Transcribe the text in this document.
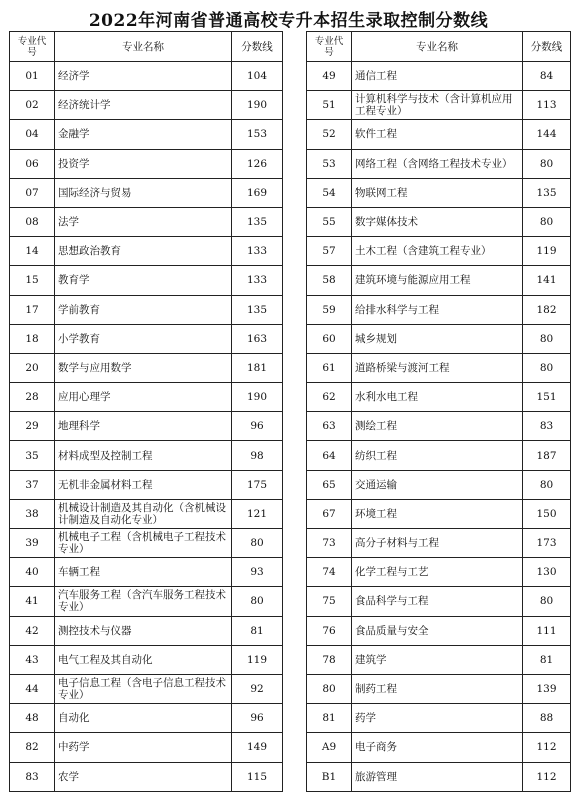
2022年河南省普通高校专升本招生录取控制分数线
专业代号	专业名称	分数线
01	经济学	104
02	经济统计学	190
04	金融学	153
06	投资学	126
07	国际经济与贸易	169
08	法学	135
14	思想政治教育	133
15	教育学	133
17	学前教育	135
18	小学教育	163
20	数学与应用数学	181
28	应用心理学	190
29	地理科学	96
35	材料成型及控制工程	98
37	无机非金属材料工程	175
38	机械设计制造及其自动化（含机械设计制造及自动化专业）	121
39	机械电子工程（含机械电子工程技术专业）	80
40	车辆工程	93
41	汽车服务工程（含汽车服务工程技术专业）	80
42	测控技术与仪器	81
43	电气工程及其自动化	119
44	电子信息工程（含电子信息工程技术专业）	92
48	自动化	96
82	中药学	149
83	农学	115
专业代号	专业名称	分数线
49	通信工程	84
51	计算机科学与技术（含计算机应用工程专业）	113
52	软件工程	144
53	网络工程（含网络工程技术专业）	80
54	物联网工程	135
55	数字媒体技术	80
57	土木工程（含建筑工程专业）	119
58	建筑环境与能源应用工程	141
59	给排水科学与工程	182
60	城乡规划	80
61	道路桥梁与渡河工程	80
62	水利水电工程	151
63	测绘工程	83
64	纺织工程	187
65	交通运输	80
67	环境工程	150
73	高分子材料与工程	173
74	化学工程与工艺	130
75	食品科学与工程	80
76	食品质量与安全	111
78	建筑学	81
80	制药工程	139
81	药学	88
A9	电子商务	112
B1	旅游管理	112
